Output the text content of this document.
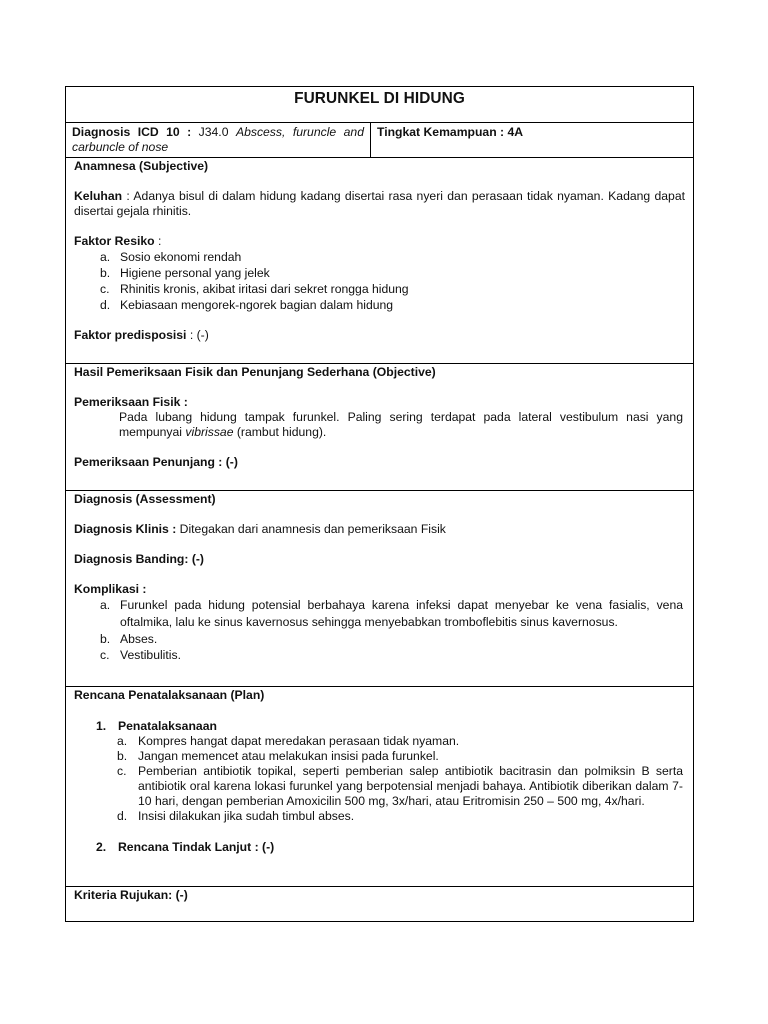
FURUNKEL DI HIDUNG
Diagnosis ICD 10 : J34.0 Abscess, furuncle and carbuncle of nose
Tingkat Kemampuan : 4A
Anamnesa (Subjective)
Keluhan : Adanya bisul di dalam hidung kadang disertai rasa nyeri dan perasaan tidak nyaman. Kadang dapat disertai gejala rhinitis.
Faktor Resiko :
a. Sosio ekonomi rendah
b. Higiene personal yang jelek
c. Rhinitis kronis, akibat iritasi dari sekret rongga hidung
d. Kebiasaan mengorek-ngorek bagian dalam hidung
Faktor predisposisi : (-)
Hasil Pemeriksaan Fisik dan Penunjang Sederhana (Objective)
Pemeriksaan Fisik :
Pada lubang hidung tampak furunkel. Paling sering terdapat pada lateral vestibulum nasi yang mempunyai vibrissae (rambut hidung).
Pemeriksaan Penunjang : (-)
Diagnosis (Assessment)
Diagnosis Klinis : Ditegakan dari anamnesis dan pemeriksaan Fisik
Diagnosis Banding: (-)
Komplikasi :
a. Furunkel pada hidung potensial berbahaya karena infeksi dapat menyebar ke vena fasialis, vena oftalmika, lalu ke sinus kavernosus sehingga menyebabkan tromboflebitis sinus kavernosus.
b. Abses.
c. Vestibulitis.
Rencana Penatalaksanaan (Plan)
1. Penatalaksanaan
a. Kompres hangat dapat meredakan perasaan tidak nyaman.
b. Jangan memencet atau melakukan insisi pada furunkel.
c. Pemberian antibiotik topikal, seperti pemberian salep antibiotik bacitrasin dan polmiksin B serta antibiotik oral karena lokasi furunkel yang berpotensial menjadi bahaya. Antibiotik diberikan dalam 7-10 hari, dengan pemberian Amoxicilin 500 mg, 3x/hari, atau Eritromisin 250 – 500 mg, 4x/hari.
d. Insisi dilakukan jika sudah timbul abses.
2. Rencana Tindak Lanjut : (-)
Kriteria Rujukan: (-)
